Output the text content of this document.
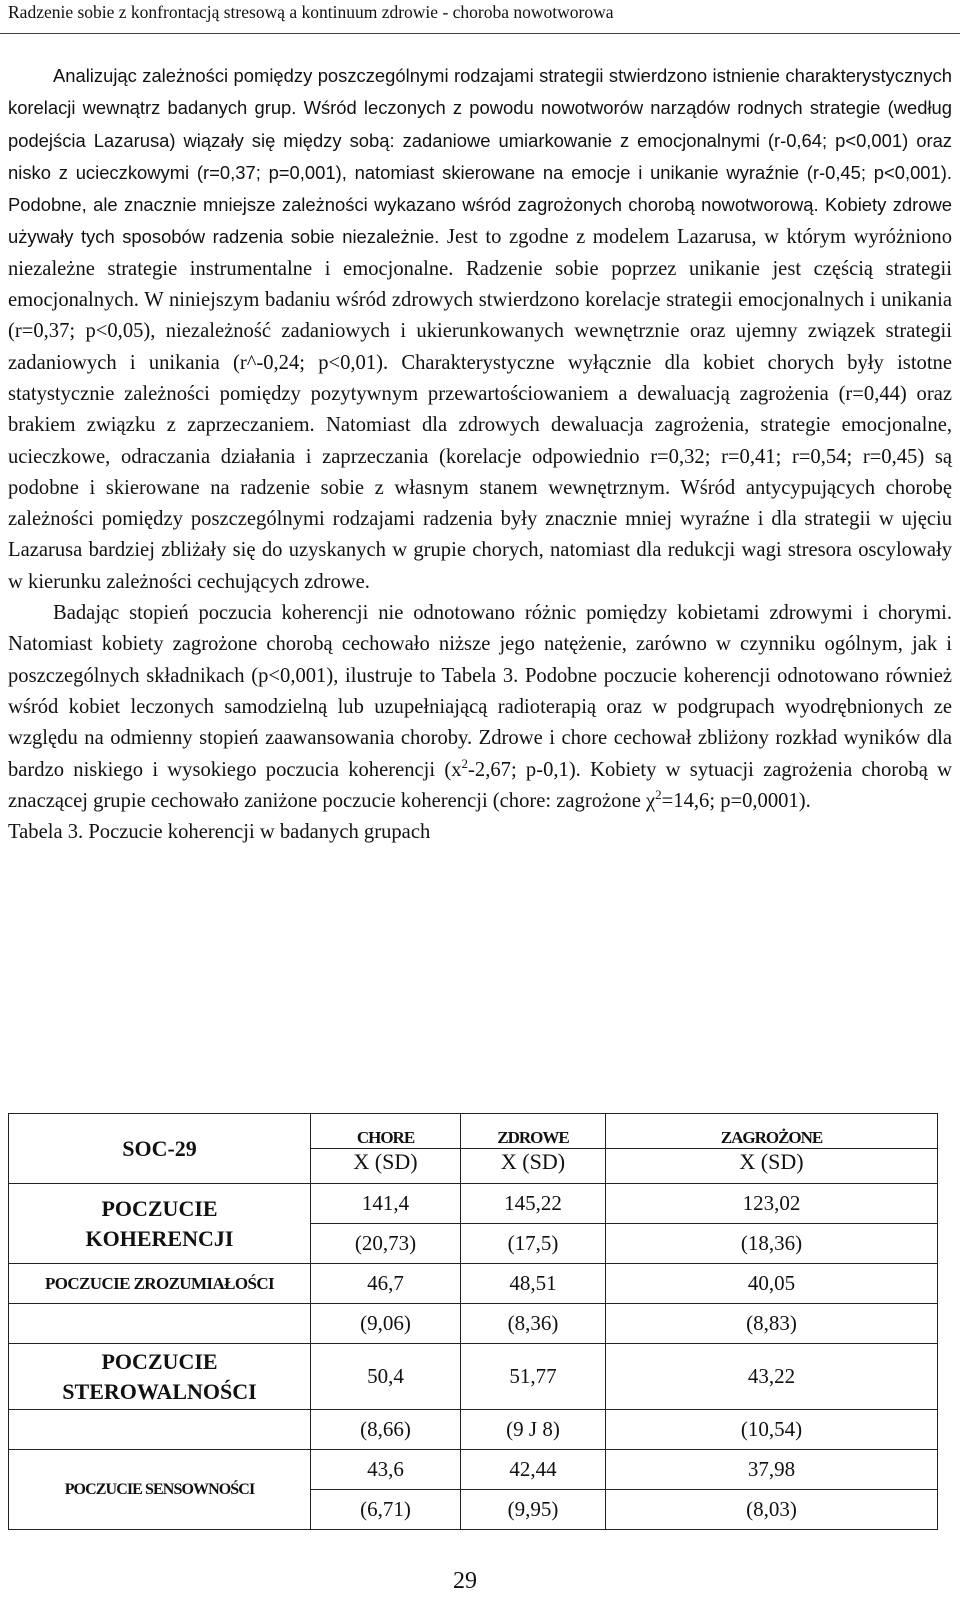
Radzenie sobie z konfrontacją stresową a kontinuum zdrowie - choroba nowotworowa

Analizując zależności pomiędzy poszczególnymi rodzajami strategii stwierdzono istnienie charakterystycznych korelacji wewnątrz badanych grup. Wśród leczonych z powodu nowotworów narządów rodnych strategie (według podejścia Lazarusa) wiązały się między sobą: zadaniowe umiarkowanie z emocjonalnymi (r-0,64; p<0,001) oraz nisko z ucieczkowymi (r=0,37; p=0,001), natomiast skierowane na emocje i unikanie wyraźnie (r-0,45; p<0,001). Podobne, ale znacznie mniejsze zależności wykazano wśród zagrożonych chorobą nowotworową. Kobiety zdrowe używały tych sposobów radzenia sobie niezależnie. Jest to zgodne z modelem Lazarusa, w którym wyróżniono niezależne strategie instrumentalne i emocjonalne. Radzenie sobie poprzez unikanie jest częścią strategii emocjonalnych. W niniejszym badaniu wśród zdrowych stwierdzono korelacje strategii emocjonalnych i unikania (r=0,37; p<0,05), niezależność zadaniowych i ukierunkowanych wewnętrznie oraz ujemny związek strategii zadaniowych i unikania (r^-0,24; p<0,01). Charakterystyczne wyłącznie dla kobiet chorych były istotne statystycznie zależności pomiędzy pozytywnym przewartościowaniem a dewaluacją zagrożenia (r=0,44) oraz brakiem związku z zaprzeczaniem. Natomiast dla zdrowych dewaluacja zagrożenia, strategie emocjonalne, ucieczkowe, odraczania działania i zaprzeczania (korelacje odpowiednio r=0,32; r=0,41; r=0,54; r=0,45) są podobne i skierowane na radzenie sobie z własnym stanem wewnętrznym. Wśród antycypujących chorobę zależności pomiędzy poszczególnymi rodzajami radzenia były znacznie mniej wyraźne i dla strategii w ujęciu Lazarusa bardziej zbliżały się do uzyskanych w grupie chorych, natomiast dla redukcji wagi stresora oscylowały w kierunku zależności cechujących zdrowe.

Badając stopień poczucia koherencji nie odnotowano różnic pomiędzy kobietami zdrowymi i chorymi. Natomiast kobiety zagrożone chorobą cechowało niższe jego natężenie, zarówno w czynniku ogólnym, jak i poszczególnych składnikach (p<0,001), ilustruje to Tabela 3. Podobne poczucie koherencji odnotowano również wśród kobiet leczonych samodzielną lub uzupełniającą radioterapią oraz w podgrupach wyodrębnionych ze względu na odmienny stopień zaawansowania choroby. Zdrowe i chore cechował zbliżony rozkład wyników dla bardzo niskiego i wysokiego poczucia koherencji ($x^2-2,67$; p-0,1). Kobiety w sytuacji zagrożenia chorobą w znaczącej grupie cechowało zaniżone poczucie koherencji (chore: zagrożone $\chi^2=14,6$; p=0,0001).

Tabela 3. Poczucie koherencji w badanych grupach

SOC-29	CHORE	ZDROWE	ZAGROŻONE
	X (SD)	X (SD)	X (SD)
POCZUCIE
KOHERENCJI	141,4	145,22	123,02
	(20,73)	(17,5)	(18,36)
POCZUCIE ZROZUMIAŁOŚCI	46,7	48,51	40,05
	(9,06)	(8,36)	(8,83)
POCZUCIE
STEROWALNOŚCI	50,4	51,77	43,22
	(8,66)	(9 J 8)	(10,54)
POCZUCIE SENSOWNOŚCI	43,6	42,44	37,98
	(6,71)	(9,95)	(8,03)
29
